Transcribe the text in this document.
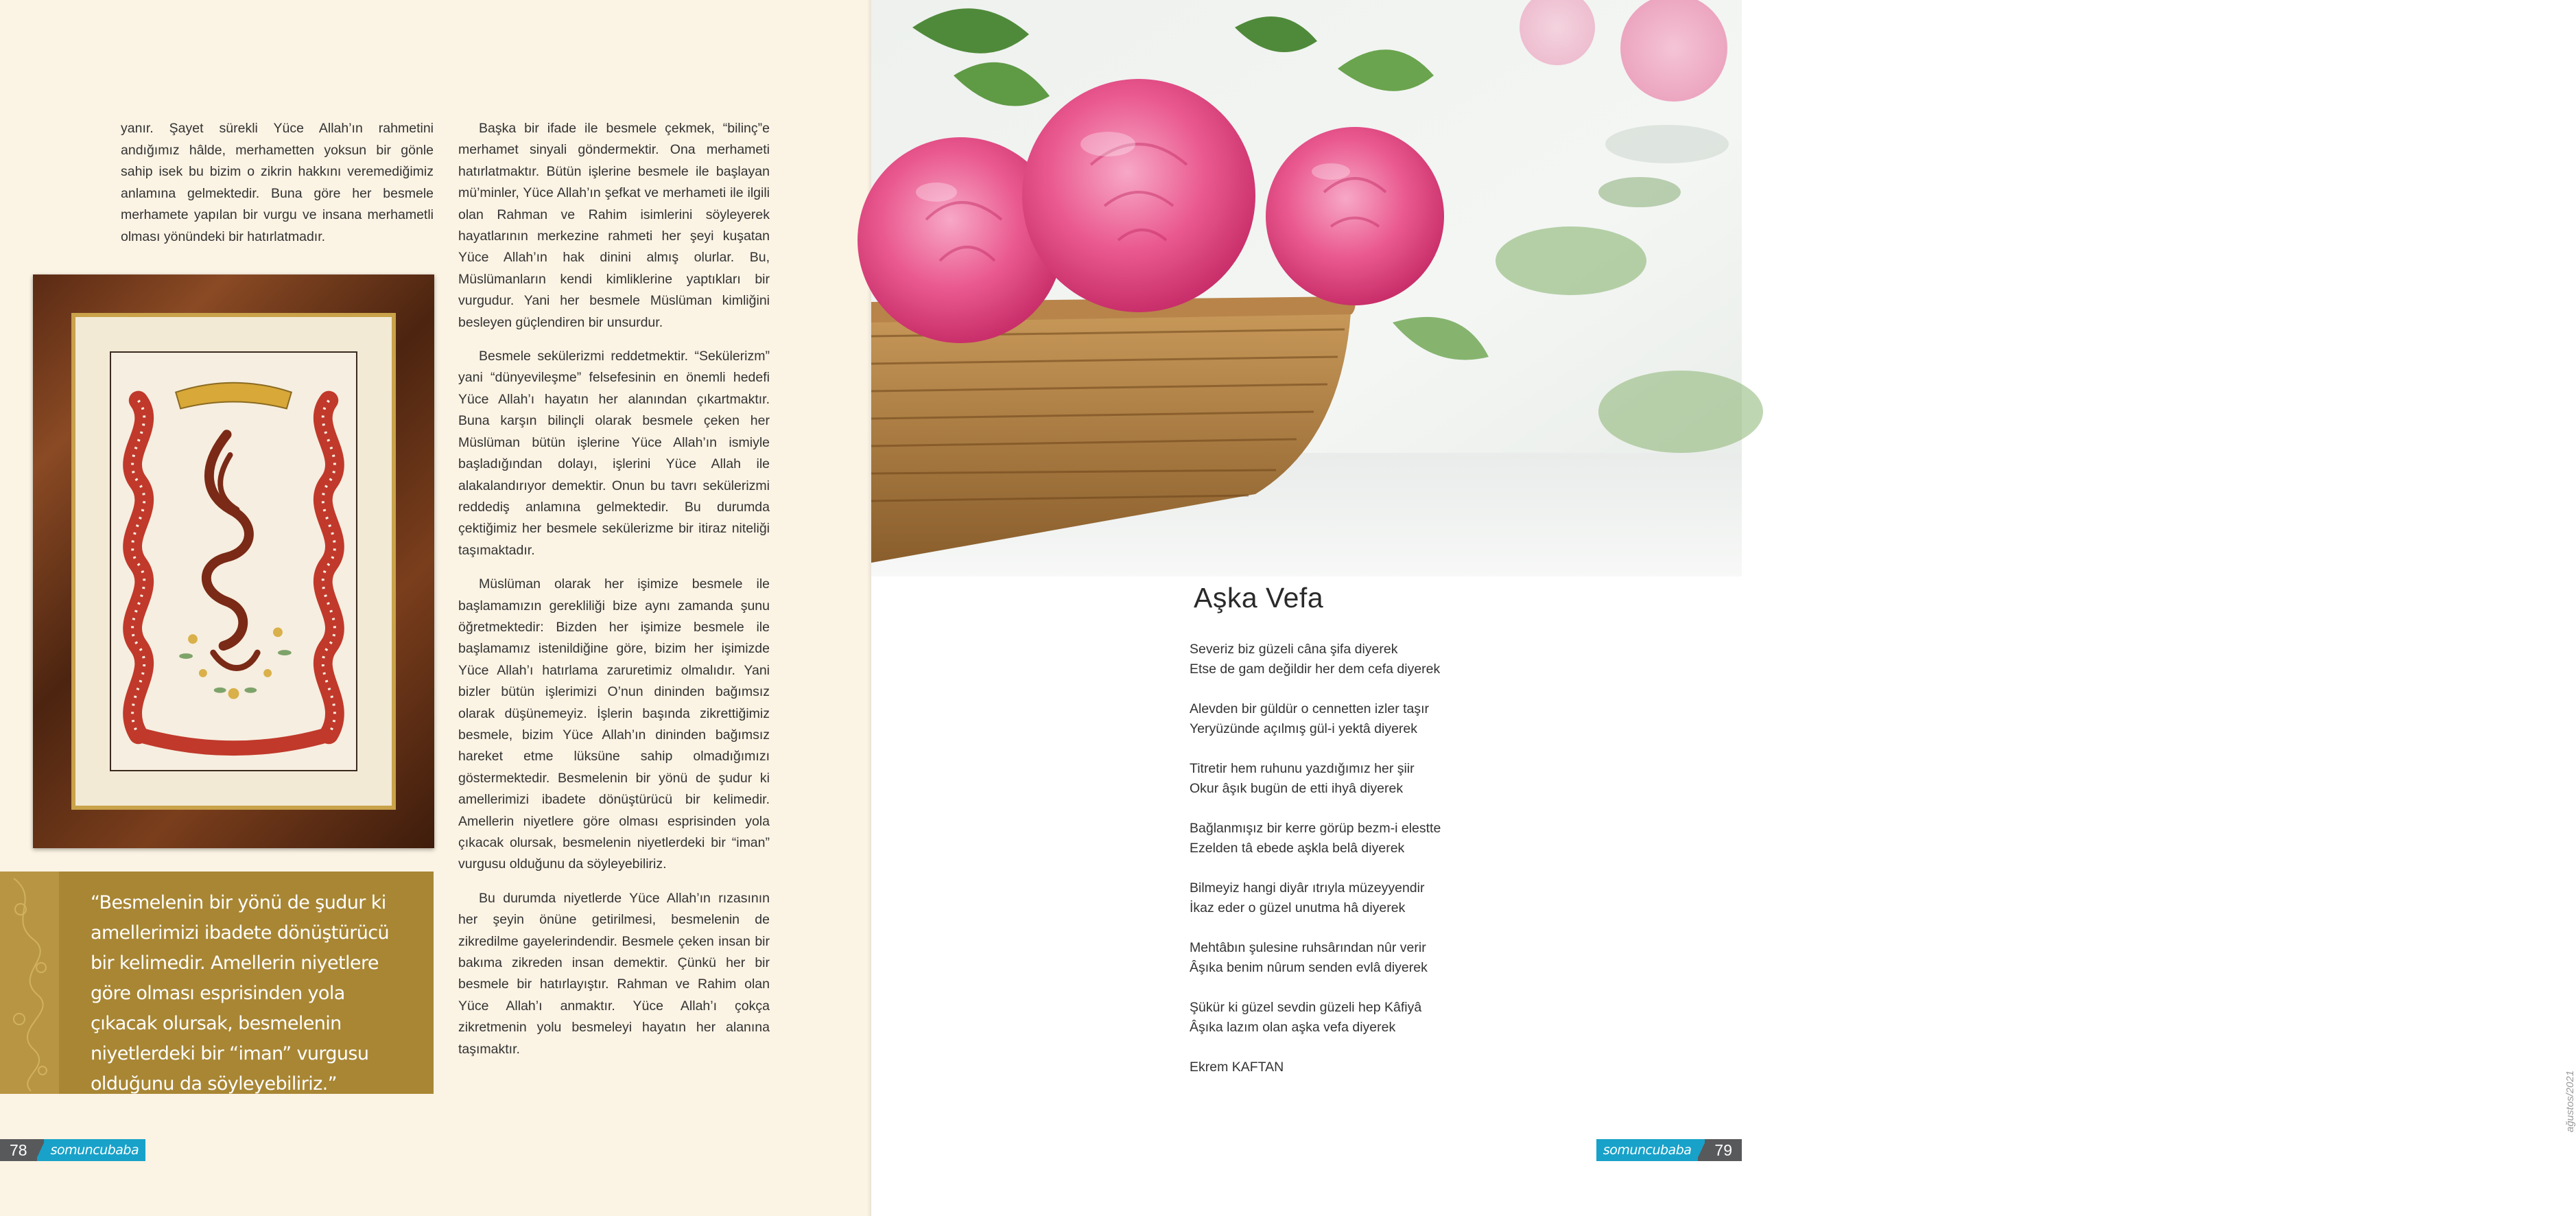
yanır. Şayet sürekli Yüce Allah’ın rahmetini andığımız hâlde, merhametten yoksun bir gönle sahip isek bu bizim o zikrin hakkını veremediğimiz anlamına gelmektedir. Buna göre her besmele merhamete yapılan bir vurgu ve insana merhametli olması yönündeki bir hatırlatmadır.
“Besmelenin bir yönü de şudur ki amellerimizi ibadete dönüştürücü bir kelimedir. Amellerin niyetlere göre olması esprisinden yola çıkacak olursak, besmelenin niyetlerdeki bir “iman” vurgusu olduğunu da söyleyebiliriz.”

Başka bir ifade ile besmele çekmek, “bilinç”e merhamet sinyali göndermektir. Ona merhameti hatırlatmaktır. Bütün işlerine besmele ile başlayan mü’minler, Yüce Allah’ın şefkat ve merhameti ile ilgili olan Rahman ve Rahim isimlerini söyleyerek hayatlarının merkezine rahmeti her şeyi kuşatan Yüce Allah’ın hak dinini almış olurlar. Bu, Müslümanların kendi kimliklerine yaptıkları bir vurgudur. Yani her besmele Müslüman kimliğini besleyen güçlendiren bir unsurdur.

Besmele sekülerizmi reddetmektir. “Sekülerizm” yani “dünyevileşme” felsefesinin en önemli hedefi Yüce Allah’ı hayatın her alanından çıkartmaktır. Buna karşın bilinçli olarak besmele çeken her Müslüman bütün işlerine Yüce Allah’ın ismiyle başladığından dolayı, işlerini Yüce Allah ile alakalandırıyor demektir. Onun bu tavrı sekülerizmi reddediş anlamına gelmektedir. Bu durumda çektiğimiz her besmele sekülerizme bir itiraz niteliği taşımaktadır.

Müslüman olarak her işimize besmele ile başlamamızın gerekliliği bize aynı zamanda şunu öğretmektedir: Bizden her işimize besmele ile başlamamız istenildiğine göre, bizim her işimizde Yüce Allah’ı hatırlama zaruretimiz olmalıdır. Yani bizler bütün işlerimizi O’nun dininden bağımsız olarak düşünemeyiz. İşlerin başında zikrettiğimiz besmele, bizim Yüce Allah’ın dininden bağımsız hareket etme lüksüne sahip olmadığımızı göstermektedir. Besmelenin bir yönü de şudur ki amellerimizi ibadete dönüştürücü bir kelimedir. Amellerin niyetlere göre olması esprisinden yola çıkacak olursak, besmelenin niyetlerdeki bir “iman” vurgusu olduğunu da söyleyebiliriz.

Bu durumda niyetlerde Yüce Allah’ın rızasının her şeyin önüne getirilmesi, besmelenin de zikredilme gayelerindendir. Besmele çeken insan bir bakıma zikreden insan demektir. Çünkü her bir besmele bir hatırlayıştır. Rahman ve Rahim olan Yüce Allah’ı anmaktır. Yüce Allah’ı çokça zikretmenin yolu besmeleyi hayatın her alanına taşımaktır.

78	somuncubaba
ağustos/2021
somuncubaba	79
Aşka Vefa
Severiz biz güzeli câna şifa diyerek
Etse de gam değildir her dem cefa diyerek
Alevden bir güldür o cennetten izler taşır
Yeryüzünde açılmış gül-i yektâ diyerek
Titretir hem ruhunu yazdığımız her şiir
Okur âşık bugün de etti ihyâ diyerek
Bağlanmışız bir kerre görüp bezm-i elestte
Ezelden tâ ebede aşkla belâ diyerek
Bilmeyiz hangi diyâr ıtrıyla müzeyyendir
İkaz eder o güzel unutma hâ diyerek
Mehtâbın şulesine ruhsârından nûr verir
Âşıka benim nûrum senden evlâ diyerek
Şükür ki güzel sevdin güzeli hep Kâfiyâ
Âşıka lazım olan aşka vefa diyerek
Ekrem KAFTAN
